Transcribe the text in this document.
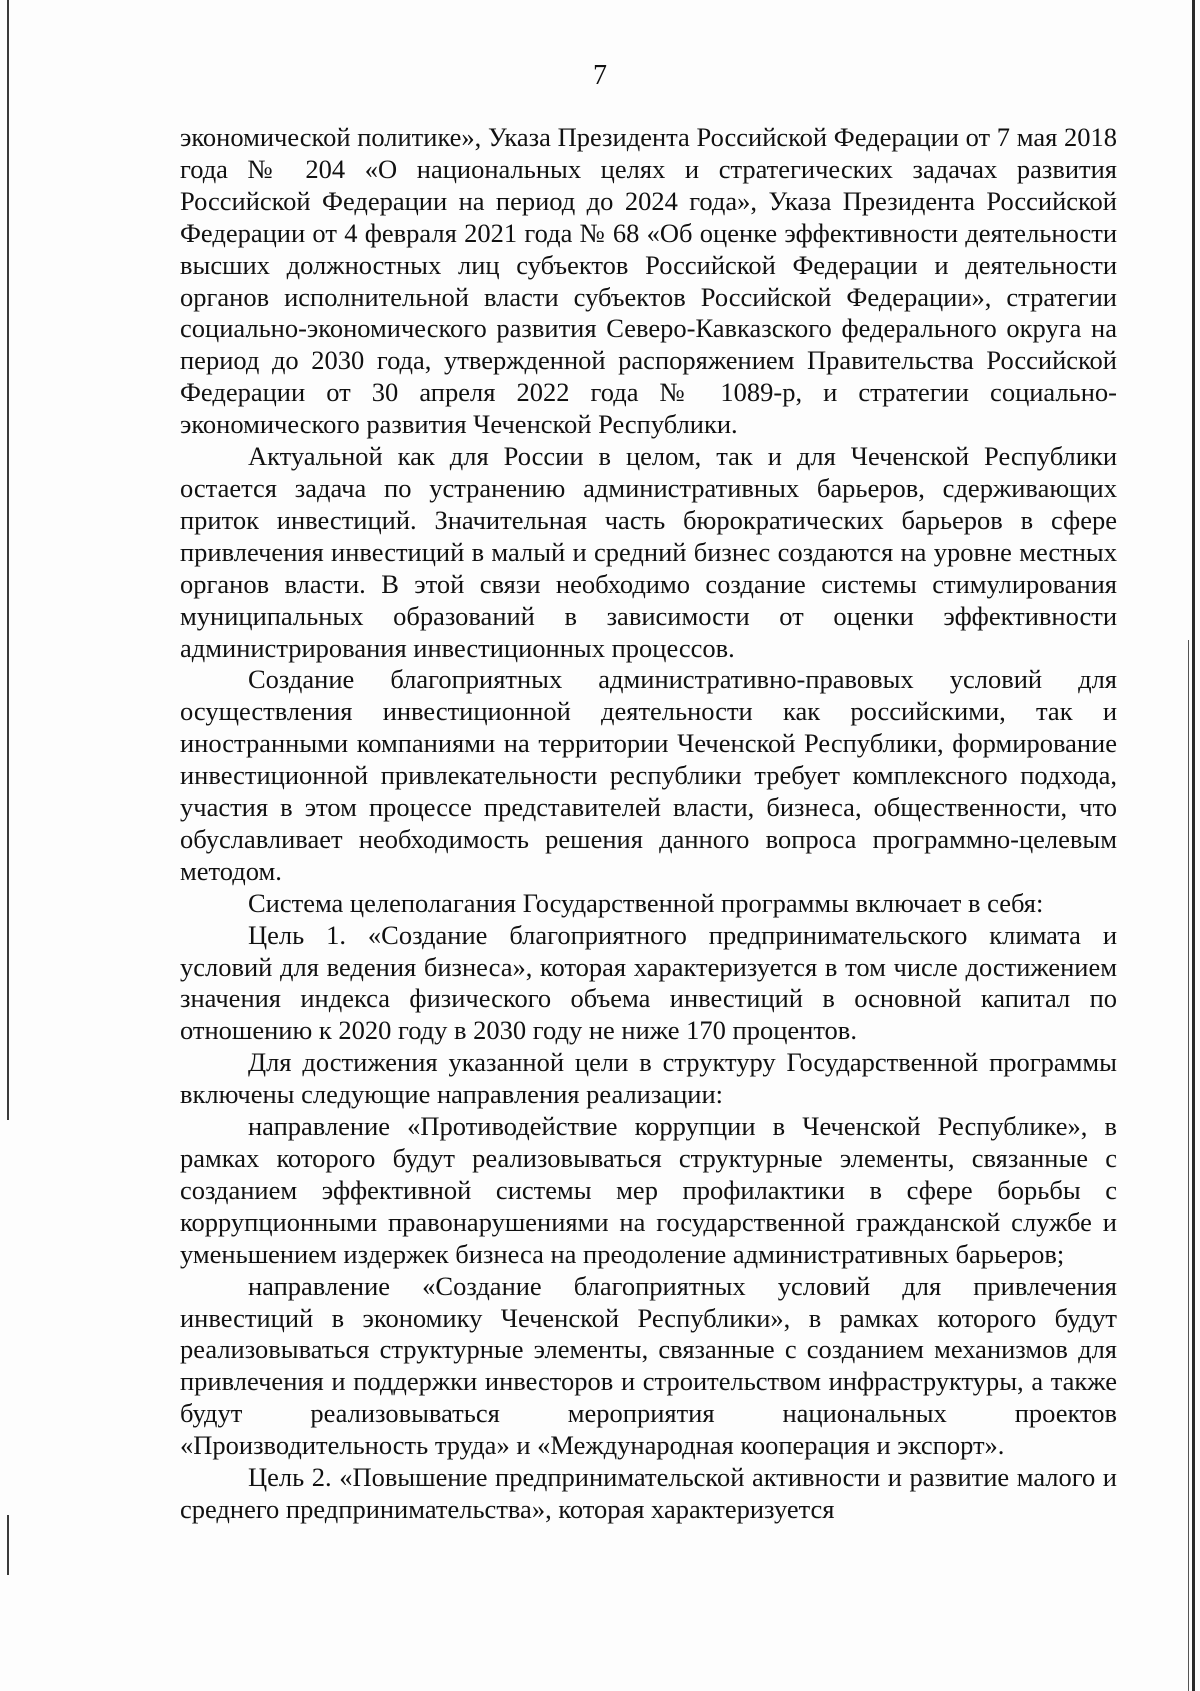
7

экономической политике», Указа Президента Российской Федерации от 7 мая 2018 года № 204 «О национальных целях и стратегических задачах развития Российской Федерации на период до 2024 года», Указа Президента Российской Федерации от 4 февраля 2021 года № 68 «Об оценке эффективности деятельности высших должностных лиц субъектов Российской Федерации и деятельности органов исполнительной власти субъектов Российской Федерации», стратегии социально-экономического развития Северо-Кавказского федерального округа на период до 2030 года, утвержденной распоряжением Правительства Российской Федерации от 30 апреля 2022 года № 1089-р, и стратегии социально-экономического развития Чеченской Республики.

Актуальной как для России в целом, так и для Чеченской Республики остается задача по устранению административных барьеров, сдерживающих приток инвестиций. Значительная часть бюрократических барьеров в сфере привлечения инвестиций в малый и средний бизнес создаются на уровне местных органов власти. В этой связи необходимо создание системы стимулирования муниципальных образований в зависимости от оценки эффективности администрирования инвестиционных процессов.

Создание благоприятных административно-правовых условий для осуществления инвестиционной деятельности как российскими, так и иностранными компаниями на территории Чеченской Республики, формирование инвестиционной привлекательности республики требует комплексного подхода, участия в этом процессе представителей власти, бизнеса, общественности, что обуславливает необходимость решения данного вопроса программно-целевым методом.

Система целеполагания Государственной программы включает в себя:

Цель 1. «Создание благоприятного предпринимательского климата и условий для ведения бизнеса», которая характеризуется в том числе достижением значения индекса физического объема инвестиций в основной капитал по отношению к 2020 году в 2030 году не ниже 170 процентов.

Для достижения указанной цели в структуру Государственной программы включены следующие направления реализации:

направление «Противодействие коррупции в Чеченской Республике», в рамках которого будут реализовываться структурные элементы, связанные с созданием эффективной системы мер профилактики в сфере борьбы с коррупционными правонарушениями на государственной гражданской службе и уменьшением издержек бизнеса на преодоление административных барьеров;

направление «Создание благоприятных условий для привлечения инвестиций в экономику Чеченской Республики», в рамках которого будут реализовываться структурные элементы, связанные с созданием механизмов для привлечения и поддержки инвесторов и строительством инфраструктуры, а также будут реализовываться мероприятия национальных проектов «Производительность труда» и «Международная кооперация и экспорт».

Цель 2. «Повышение предпринимательской активности и развитие малого и среднего предпринимательства», которая характеризуется
